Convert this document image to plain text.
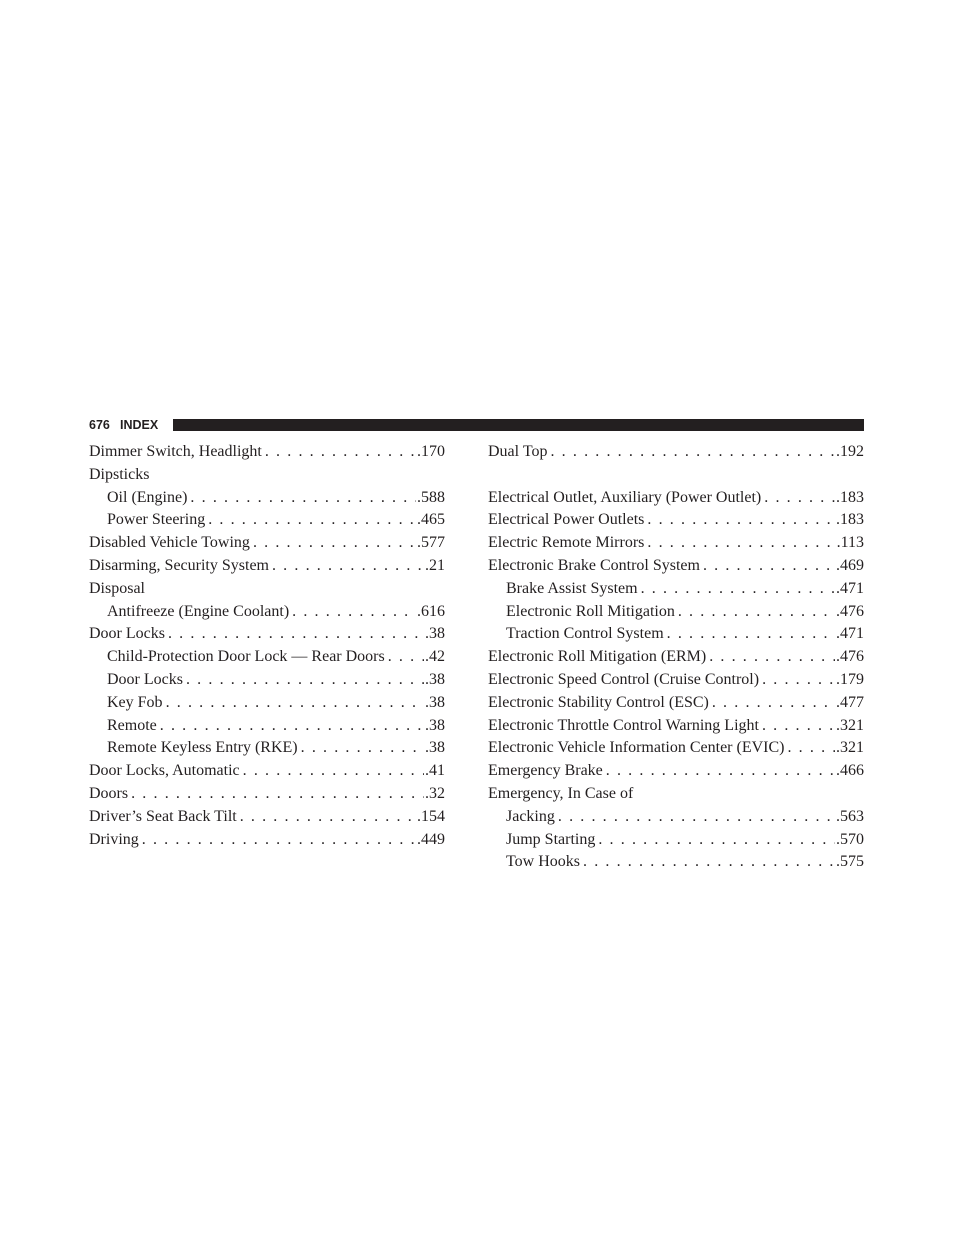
676 INDEX
Dimmer Switch, Headlight . . .	.170
Dipsticks
Oil (Engine) . . .	.588
Power Steering . . .	.465
Disabled Vehicle Towing . . .	.577
Disarming, Security System . . .	.21
Disposal
Antifreeze (Engine Coolant) . . .	.616
Door Locks . . .	.38
Child-Protection Door Lock — Rear Doors . . .	.42
Door Locks . . .	.38
Key Fob . . .	.38
Remote . . .	.38
Remote Keyless Entry (RKE) . . .	.38
Door Locks, Automatic . . .	.41
Doors . . .	.32
Driver’s Seat Back Tilt . . .	.154
Driving . . .	.449
Dual Top . . .	.192
Electrical Outlet, Auxiliary (Power Outlet) . . .	.183
Electrical Power Outlets . . .	.183
Electric Remote Mirrors . . .	.113
Electronic Brake Control System . . .	.469
Brake Assist System . . .	.471
Electronic Roll Mitigation . . .	.476
Traction Control System . . .	.471
Electronic Roll Mitigation (ERM) . . .	.476
Electronic Speed Control (Cruise Control) . . .	.179
Electronic Stability Control (ESC) . . .	.477
Electronic Throttle Control Warning Light . . .	.321
Electronic Vehicle Information Center (EVIC) . . .	.321
Emergency Brake . . .	.466
Emergency, In Case of
Jacking . . .	.563
Jump Starting . . .	.570
Tow Hooks . . .	.575
